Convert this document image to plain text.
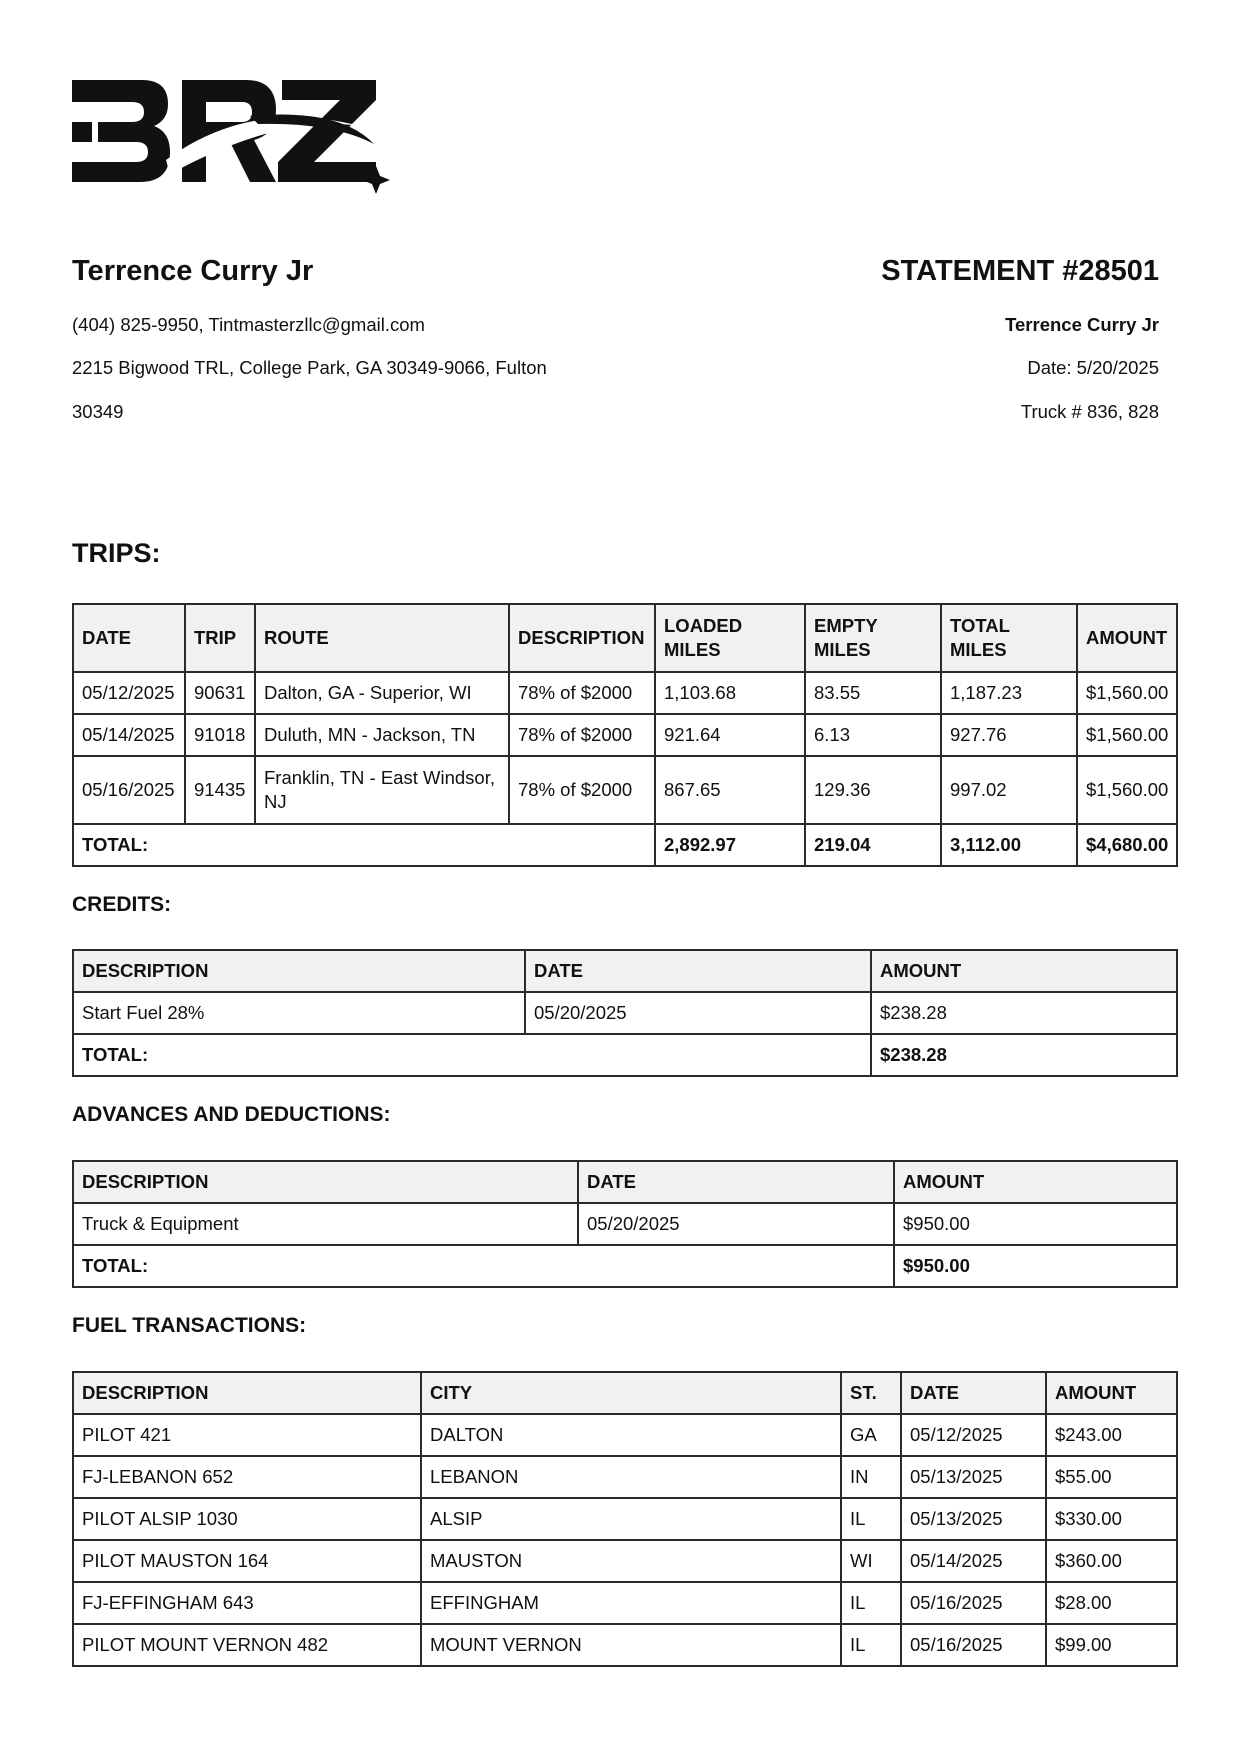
Terrence Curry Jr	STATEMENT #28501
(404) 825-9950, Tintmasterzllc@gmail.com
2215 Bigwood TRL, College Park, GA 30349-9066, Fulton
30349
Terrence Curry Jr
Date: 5/20/2025
Truck # 836, 828
TRIPS:
DATE	TRIP	ROUTE	DESCRIPTION	LOADED MILES	EMPTY MILES	TOTAL MILES	AMOUNT
05/12/2025	90631	Dalton, GA - Superior, WI	78% of $2000	1,103.68	83.55	1,187.23	$1,560.00
05/14/2025	91018	Duluth, MN - Jackson, TN	78% of $2000	921.64	6.13	927.76	$1,560.00
05/16/2025	91435	Franklin, TN - East Windsor, NJ	78% of $2000	867.65	129.36	997.02	$1,560.00
TOTAL:				2,892.97	219.04	3,112.00	$4,680.00
CREDITS:
DESCRIPTION	DATE	AMOUNT
Start Fuel 28%	05/20/2025	$238.28
TOTAL:		$238.28
ADVANCES AND DEDUCTIONS:
DESCRIPTION	DATE	AMOUNT
Truck & Equipment	05/20/2025	$950.00
TOTAL:		$950.00
FUEL TRANSACTIONS:
DESCRIPTION	CITY	ST.	DATE	AMOUNT
PILOT 421	DALTON	GA	05/12/2025	$243.00
FJ-LEBANON 652	LEBANON	IN	05/13/2025	$55.00
PILOT ALSIP 1030	ALSIP	IL	05/13/2025	$330.00
PILOT MAUSTON 164	MAUSTON	WI	05/14/2025	$360.00
FJ-EFFINGHAM 643	EFFINGHAM	IL	05/16/2025	$28.00
PILOT MOUNT VERNON 482	MOUNT VERNON	IL	05/16/2025	$99.00
